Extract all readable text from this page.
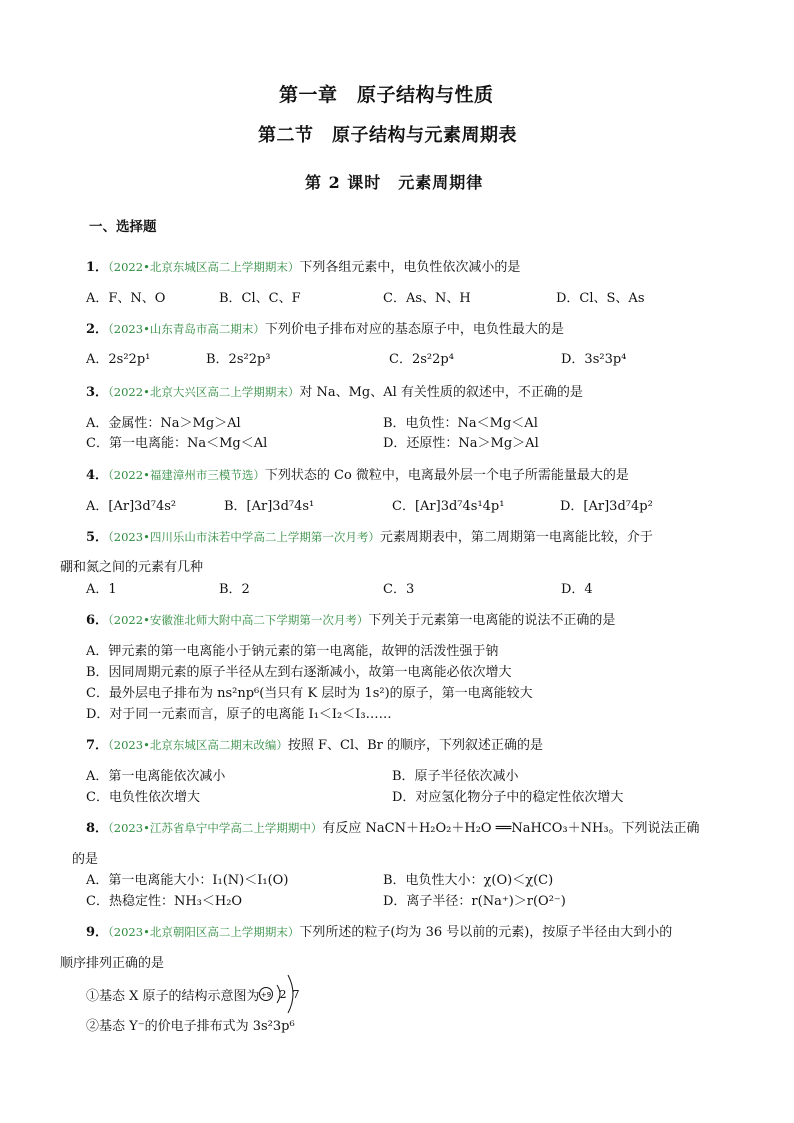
第一章　原子结构与性质
第二节　原子结构与元素周期表
第 2 课时　元素周期律
一、选择题
1．（2022•北京东城区高二上学期期末）下列各组元素中，电负性依次减小的是
A．F、N、O	B．Cl、C、F	C．As、N、H	D．Cl、S、As
2．（2023•山东青岛市高二期末）下列价电子排布对应的基态原子中，电负性最大的是
A．2s²2p¹	B．2s²2p³	C．2s²2p⁴	D．3s²3p⁴
3．（2022•北京大兴区高二上学期期末）对 Na、Mg、Al 有关性质的叙述中，不正确的是
A．金属性：Na＞Mg＞Al	B．电负性：Na＜Mg＜Al
C．第一电离能：Na＜Mg＜Al	D．还原性：Na＞Mg＞Al
4．（2022•福建漳州市三模节选）下列状态的 Co 微粒中，电离最外层一个电子所需能量最大的是
A．[Ar]3d⁷4s²	B．[Ar]3d⁷4s¹	C．[Ar]3d⁷4s¹4p¹	D．[Ar]3d⁷4p²
5．（2023•四川乐山市沫若中学高二上学期第一次月考）元素周期表中，第二周期第一电离能比较，介于
硼和氮之间的元素有几种
A．1	B．2	C．3	D．4
6．（2022•安徽淮北师大附中高二下学期第一次月考）下列关于元素第一电离能的说法不正确的是
A．钾元素的第一电离能小于钠元素的第一电离能，故钾的活泼性强于钠
B．因同周期元素的原子半径从左到右逐渐减小，故第一电离能必依次增大
C．最外层电子排布为 ns²np⁶(当只有 K 层时为 1s²)的原子，第一电离能较大
D．对于同一元素而言，原子的电离能 I₁＜I₂＜I₃……
7．（2023•北京东城区高二期末改编）按照 F、Cl、Br 的顺序，下列叙述正确的是
A．第一电离能依次减小	B．原子半径依次减小
C．电负性依次增大	D．对应氢化物分子中的稳定性依次增大
8．（2023•江苏省阜宁中学高二上学期期中）有反应 NaCN＋H₂O₂＋H₂O ══NaHCO₃＋NH₃。下列说法正确
的是
A．第一电离能大小：I₁(N)＜I₁(O)	B．电负性大小：χ(O)＜χ(C)
C．热稳定性：NH₃＜H₂O	D．离子半径：r(Na⁺)＞r(O²⁻)
9．（2023•北京朝阳区高二上学期期末）下列所述的粒子(均为 36 号以前的元素)，按原子半径由大到小的
顺序排列正确的是
①基态 X 原子的结构示意图为 +9 2 7
②基态 Y⁻的价电子排布式为 3s²3p⁶
